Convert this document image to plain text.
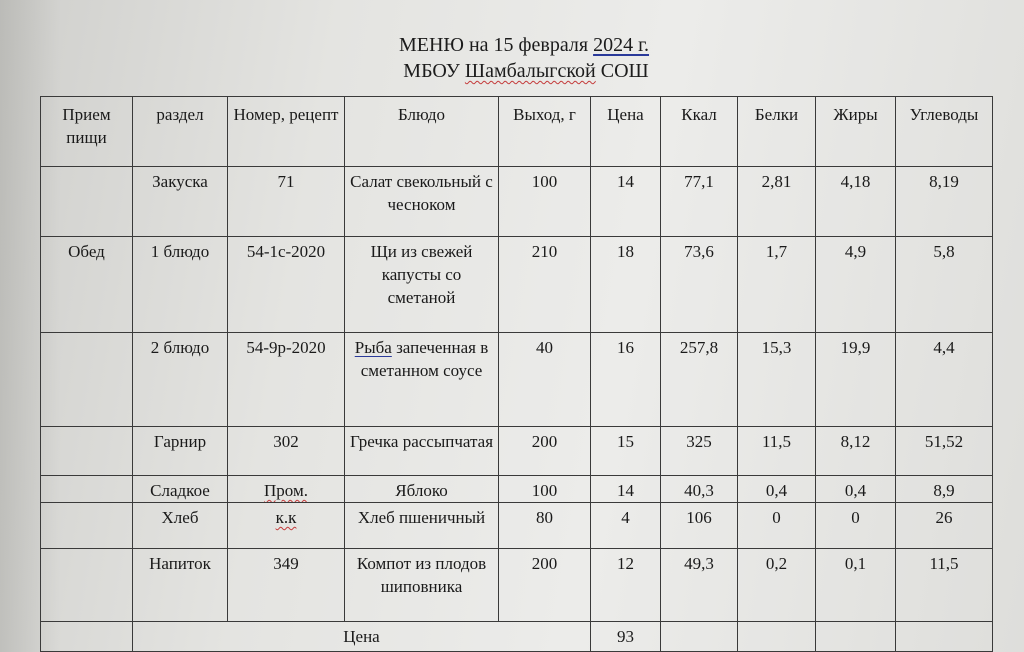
МЕНЮ на 15 февраля 2024 г.
МБОУ Шамбалыгской СОШ
Прием пищи	раздел	Номер, рецепт	Блюдо	Выход, г	Цена	Ккал	Белки	Жиры	Углеводы
	Закуска	71	Салат свекольный с чесноком	100	14	77,1	2,81	4,18	8,19
Обед	1 блюдо	54-1с-2020	Щи из свежей капусты со сметаной	210	18	73,6	1,7	4,9	5,8
	2 блюдо	54-9р-2020	Рыба запеченная в сметанном соусе	40	16	257,8	15,3	19,9	4,4
	Гарнир	302	Гречка рассыпчатая	200	15	325	11,5	8,12	51,52
	Сладкое	Пром.	Яблоко	100	14	40,3	0,4	0,4	8,9
	Хлеб	к.к	Хлеб пшеничный	80	4	106	0	0	26
	Напиток	349	Компот из плодов шиповника	200	12	49,3	0,2	0,1	11,5
	Цена				93				
